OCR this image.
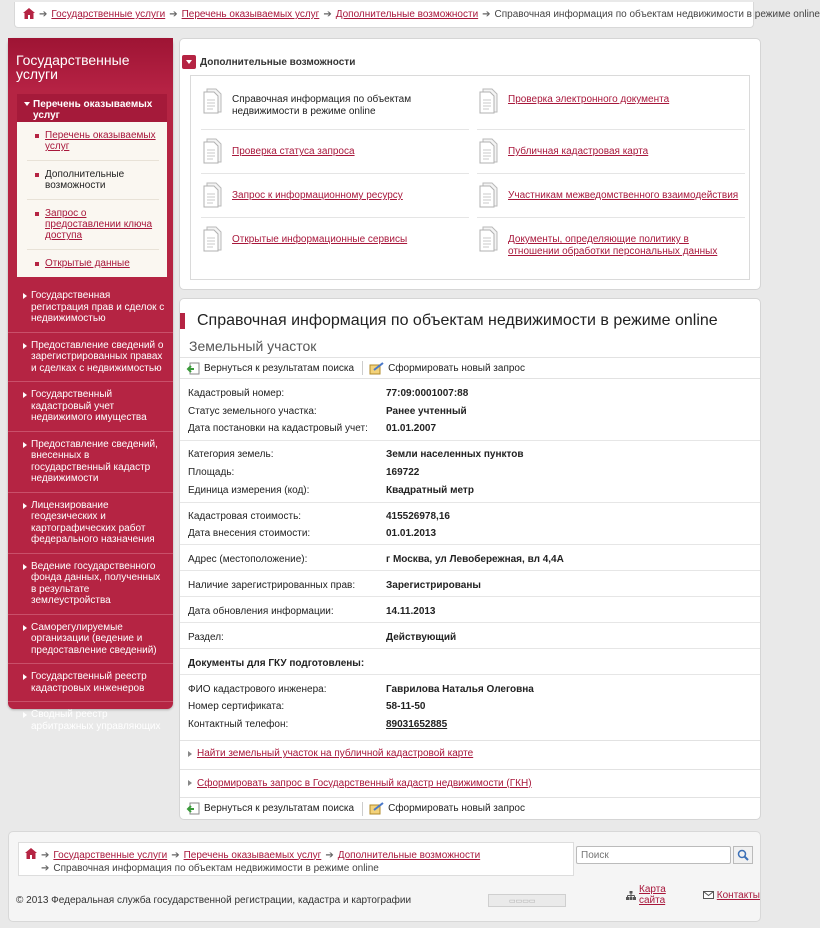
➔ Государственные услуги ➔ Перечень оказываемых услуг ➔ Дополнительные возможности ➔ Справочная информация по объектам недвижимости в режиме online
Государственные услуги
Перечень оказываемых услуг
Перечень оказываемых услуг
Дополнительные возможности
Запрос о предоставлении ключа доступа
Открытые данные
Государственная регистрация прав и сделок с недвижимостью
Предоставление сведений о зарегистрированных правах и сделках с недвижимостью
Государственный кадастровый учет недвижимого имущества
Предоставление сведений, внесенных в государственный кадастр недвижимости
Лицензирование геодезических и картографических работ федерального назначения
Ведение государственного фонда данных, полученных в результате землеустройства
Саморегулируемые организации (ведение и предоставление сведений)
Государственный реестр кадастровых инженеров
Сводный реестр арбитражных управляющих
Дополнительные возможности
Справочная информация по объектам недвижимости в режиме online
Проверка электронного документа
Проверка статуса запроса	Публичная кадастровая карта
Запрос к информационному ресурсу	Участникам межведомственного взаимодействия
Открытые информационные сервисы	Документы, определяющие политику в отношении обработки персональных данных
Справочная информация по объектам недвижимости в режиме online
Земельный участок
Вернуться к результатам поиска	Сформировать новый запрос
Кадастровый номер:	77:09:0001007:88
Статус земельного участка:	Ранее учтенный
Дата постановки на кадастровый учет:	01.01.2007
Категория земель:	Земли населенных пунктов
Площадь:	169722
Единица измерения (код):	Квадратный метр
Кадастровая стоимость:	415526978,16
Дата внесения стоимости:	01.01.2013
Адрес (местоположение):	г Москва, ул Левобережная, вл 4,4А
Наличие зарегистрированных прав:	Зарегистрированы
Дата обновления информации:	14.11.2013
Раздел:	Действующий
Документы для ГКУ подготовлены:
ФИО кадастрового инженера:	Гаврилова Наталья Олеговна
Номер сертификата:	58-11-50
Контактный телефон:	89031652885
Найти земельный участок на публичной кадастровой карте
Сформировать запрос в Государственный кадастр недвижимости (ГКН)
Вернуться к результатам поиска	Сформировать новый запрос
➔ Государственные услуги ➔ Перечень оказываемых услуг ➔ Дополнительные возможности
➔ Справочная информация по объектам недвижимости в режиме online
© 2013 Федеральная служба государственной регистрации, кадастра и картографии	▭▭▭▭
Поиск
Карта сайта	Контакты
